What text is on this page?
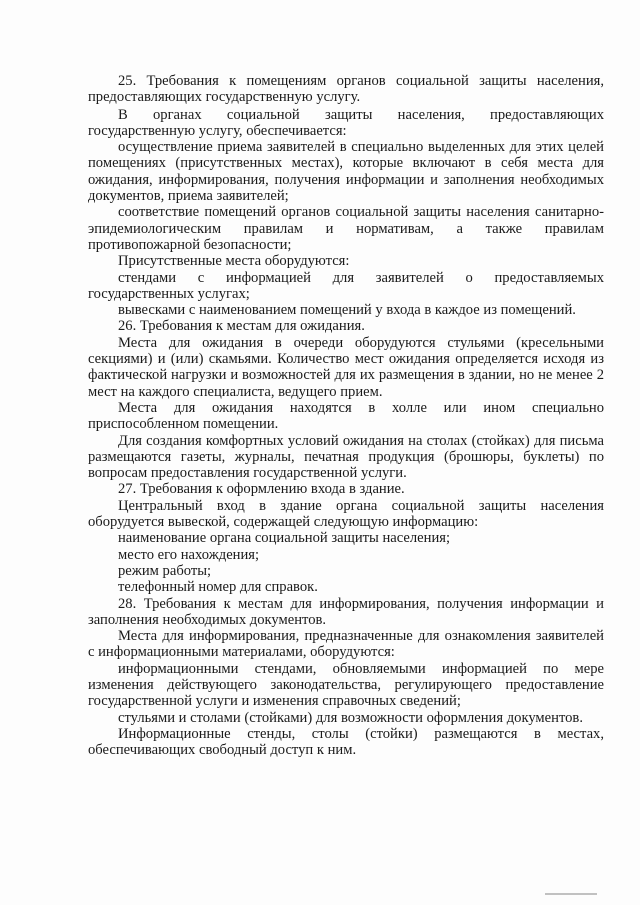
25. Требования к помещениям органов социальной защиты населения, предоставляющих государственную услугу.

В органах социальной защиты населения, предоставляющих государственную услугу, обеспечивается:

осуществление приема заявителей в специально выделенных для этих целей помещениях (присутственных местах), которые включают в себя места для ожидания, информирования, получения информации и заполнения необходимых документов, приема заявителей;

соответствие помещений органов социальной защиты населения санитарно-эпидемиологическим правилам и нормативам, а также правилам противопожарной безопасности;

Присутственные места оборудуются:

стендами с информацией для заявителей о предоставляемых государственных услугах;

вывесками с наименованием помещений у входа в каждое из помещений.

26. Требования к местам для ожидания.

Места для ожидания в очереди оборудуются стульями (кресельными секциями) и (или) скамьями. Количество мест ожидания определяется исходя из фактической нагрузки и возможностей для их размещения в здании, но не менее 2 мест на каждого специалиста, ведущего прием.

Места для ожидания находятся в холле или ином специально приспособленном помещении.

Для создания комфортных условий ожидания на столах (стойках) для письма размещаются газеты, журналы, печатная продукция (брошюры, буклеты) по вопросам предоставления государственной услуги.

27. Требования к оформлению входа в здание.

Центральный вход в здание органа социальной защиты населения оборудуется вывеской, содержащей следующую информацию:

наименование органа социальной защиты населения;

место его нахождения;

режим работы;

телефонный номер для справок.

28. Требования к местам для информирования, получения информации и заполнения необходимых документов.

Места для информирования, предназначенные для ознакомления заявителей с информационными материалами, оборудуются:

информационными стендами, обновляемыми информацией по мере изменения действующего законодательства, регулирующего предоставление государственной услуги и изменения справочных сведений;

стульями и столами (стойками) для возможности оформления документов.

Информационные стенды, столы (стойки) размещаются в местах, обеспечивающих свободный доступ к ним.
